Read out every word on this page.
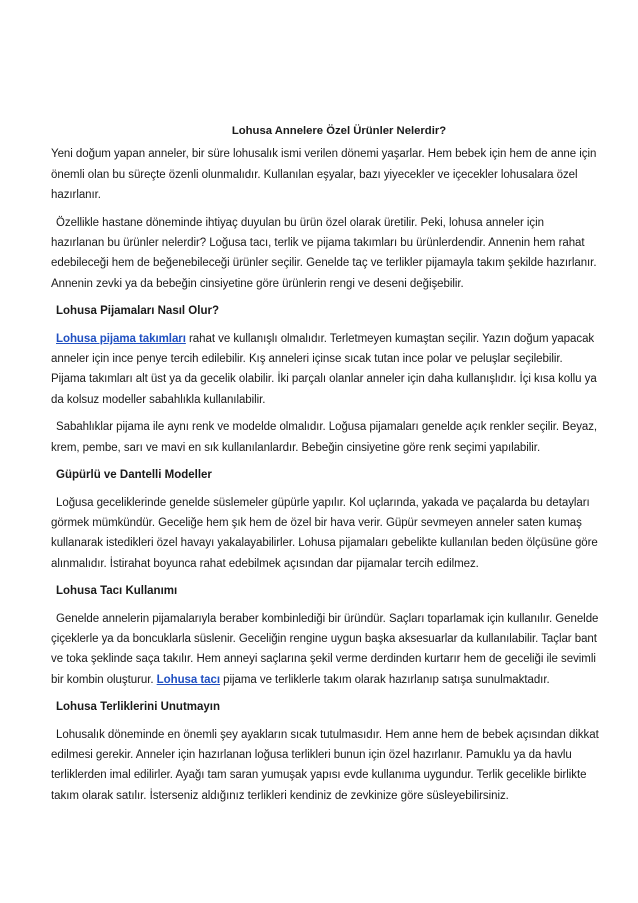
Lohusa Annelere Özel Ürünler Nelerdir?

Yeni doğum yapan anneler, bir süre lohusalık ismi verilen dönemi yaşarlar. Hem bebek için hem de anne için önemli olan bu süreçte özenli olunmalıdır. Kullanılan eşyalar, bazı yiyecekler ve içecekler lohusalara özel hazırlanır.

Özellikle hastane döneminde ihtiyaç duyulan bu ürün özel olarak üretilir. Peki, lohusa anneler için hazırlanan bu ürünler nelerdir? Loğusa tacı, terlik ve pijama takımları bu ürünlerdendir. Annenin hem rahat edebileceği hem de beğenebileceği ürünler seçilir. Genelde taç ve terlikler pijamayla takım şekilde hazırlanır. Annenin zevki ya da bebeğin cinsiyetine göre ürünlerin rengi ve deseni değişebilir.

Lohusa Pijamaları Nasıl Olur?

Lohusa pijama takımları rahat ve kullanışlı olmalıdır. Terletmeyen kumaştan seçilir. Yazın doğum yapacak anneler için ince penye tercih edilebilir. Kış anneleri içinse sıcak tutan ince polar ve peluşlar seçilebilir. Pijama takımları alt üst ya da gecelik olabilir. İki parçalı olanlar anneler için daha kullanışlıdır. İçi kısa kollu ya da kolsuz modeller sabahlıkla kullanılabilir.

Sabahlıklar pijama ile aynı renk ve modelde olmalıdır. Loğusa pijamaları genelde açık renkler seçilir. Beyaz, krem, pembe, sarı ve mavi en sık kullanılanlardır. Bebeğin cinsiyetine göre renk seçimi yapılabilir.

Güpürlü ve Dantelli Modeller

Loğusa geceliklerinde genelde süslemeler güpürle yapılır. Kol uçlarında, yakada ve paçalarda bu detayları görmek mümkündür. Geceliğe hem şık hem de özel bir hava verir. Güpür sevmeyen anneler saten kumaş kullanarak istedikleri özel havayı yakalayabilirler. Lohusa pijamaları gebelikte kullanılan beden ölçüsüne göre alınmalıdır. İstirahat boyunca rahat edebilmek açısından dar pijamalar tercih edilmez.

Lohusa Tacı Kullanımı

Genelde annelerin pijamalarıyla beraber kombinlediği bir üründür. Saçları toparlamak için kullanılır. Genelde çiçeklerle ya da boncuklarla süslenir. Geceliğin rengine uygun başka aksesuarlar da kullanılabilir. Taçlar bant ve toka şeklinde saça takılır. Hem anneyi saçlarına şekil verme derdinden kurtarır hem de geceliği ile sevimli bir kombin oluşturur. Lohusa tacı pijama ve terliklerle takım olarak hazırlanıp satışa sunulmaktadır.

Lohusa Terliklerini Unutmayın

Lohusalık döneminde en önemli şey ayakların sıcak tutulmasıdır. Hem anne hem de bebek açısından dikkat edilmesi gerekir. Anneler için hazırlanan loğusa terlikleri bunun için özel hazırlanır. Pamuklu ya da havlu terliklerden imal edilirler. Ayağı tam saran yumuşak yapısı evde kullanıma uygundur. Terlik gecelikle birlikte takım olarak satılır. İsterseniz aldığınız terlikleri kendiniz de zevkinize göre süsleyebilirsiniz.
